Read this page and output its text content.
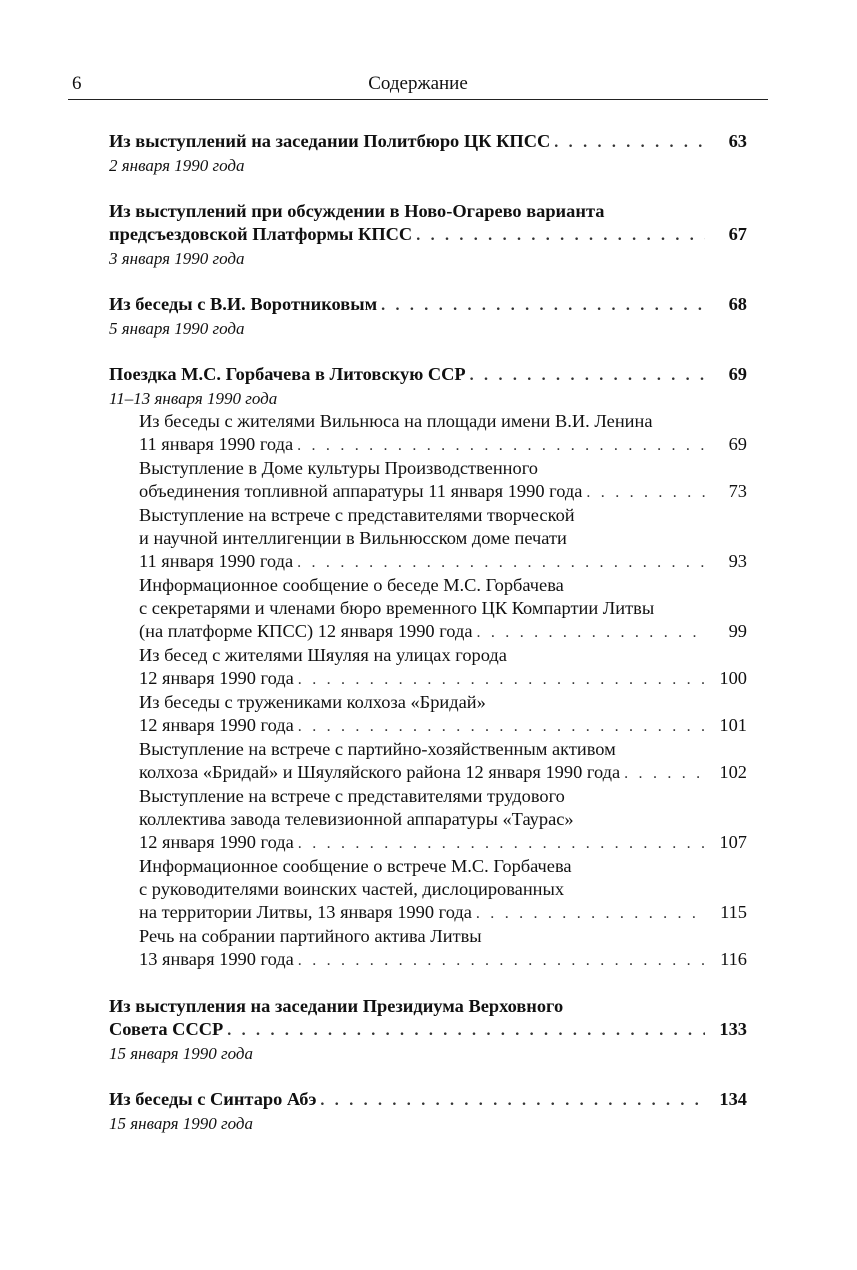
6	Содержание
Из выступлений на заседании Политбюро ЦК КПСС . . .	63
2 января 1990 года
Из выступлений при обсуждении в Ново-Огарево варианта
предсъездовской Платформы КПСС . . .	67
3 января 1990 года
Из беседы с В.И. Воротниковым . . .	68
5 января 1990 года
Поездка М.С. Горбачева в Литовскую ССР . . .	69
11–13 января 1990 года
Из беседы с жителями Вильнюса на площади имени В.И. Ленина
11 января 1990 года . . .	69
Выступление в Доме культуры Производственного
объединения топливной аппаратуры 11 января 1990 года . . .	73
Выступление на встрече с представителями творческой
и научной интеллигенции в Вильнюсском доме печати
11 января 1990 года . . .	93
Информационное сообщение о беседе М.С. Горбачева
с секретарями и членами бюро временного ЦК Компартии Литвы
(на платформе КПСС) 12 января 1990 года . . .	99
Из бесед с жителями Шяуляя на улицах города
12 января 1990 года . . .	100
Из беседы с тружениками колхоза «Бридай»
12 января 1990 года . . .	101
Выступление на встрече с партийно-хозяйственным активом
колхоза «Бридай» и Шяуляйского района 12 января 1990 года . . .	102
Выступление на встрече с представителями трудового
коллектива завода телевизионной аппаратуры «Таурас»
12 января 1990 года . . .	107
Информационное сообщение о встрече М.С. Горбачева
с руководителями воинских частей, дислоцированных
на территории Литвы, 13 января 1990 года . . .	115
Речь на собрании партийного актива Литвы
13 января 1990 года . . .	116
Из выступления на заседании Президиума Верховного
Совета СССР . . .	133
15 января 1990 года
Из беседы с Синтаро Абэ . . .	134
15 января 1990 года
